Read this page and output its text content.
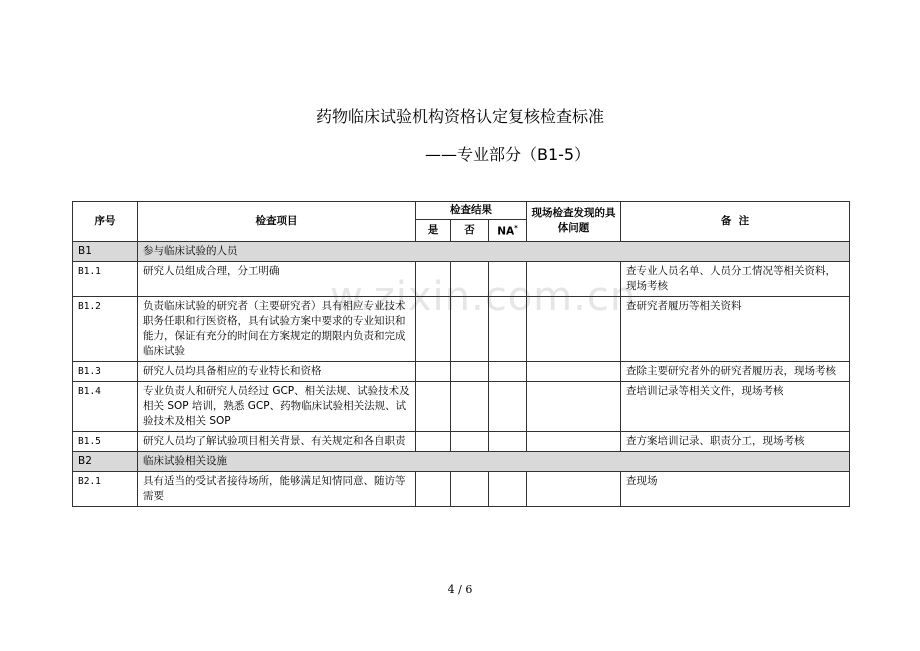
药物临床试验机构资格认定复核检查标准
——专业部分（B1-5）
w.zixin.com.cn
序号	检查项目	检查结果			现场检查发现的具体问题	备  注
		是	否	NA*
B1	参与临床试验的人员					
B1.1	研究人员组成合理，分工明确					查专业人员名单、人员分工情况等相关资料，现场考核
B1.2	负责临床试验的研究者（主要研究者）具有相应专业技术职务任职和行医资格，具有试验方案中要求的专业知识和能力，保证有充分的时间在方案规定的期限内负责和完成临床试验					查研究者履历等相关资料
B1.3	研究人员均具备相应的专业特长和资格					查除主要研究者外的研究者履历表，现场考核
B1.4	专业负责人和研究人员经过 GCP、相关法规、试验技术及相关 SOP 培训，熟悉 GCP、药物临床试验相关法规、试验技术及相关 SOP					查培训记录等相关文件，现场考核
B1.5	研究人员均了解试验项目相关背景、有关规定和各自职责					查方案培训记录、职责分工，现场考核
B2	临床试验相关设施					
B2.1	具有适当的受试者接待场所，能够满足知情同意、随访等需要					查现场
4 / 6
